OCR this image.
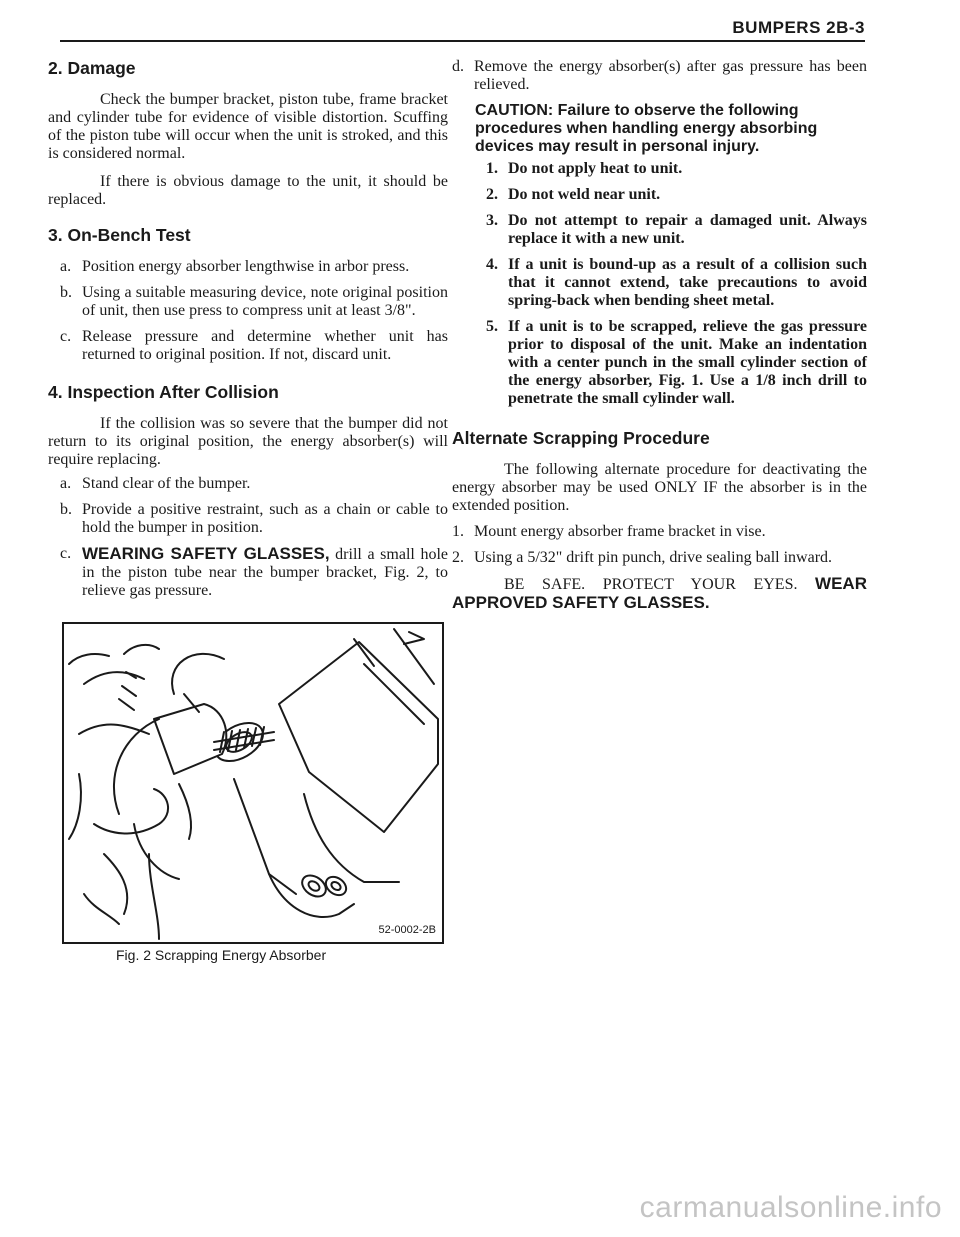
BUMPERS 2B-3
2. Damage

Check the bumper bracket, piston tube, frame bracket and cylinder tube for evidence of visible distortion. Scuffing of the piston tube will occur when the unit is stroked, and this is considered normal.

If there is obvious damage to the unit, it should be replaced.

3. On-Bench Test
a. Position energy absorber lengthwise in arbor press.
b. Using a suitable measuring device, note original position of unit, then use press to compress unit at least 3/8".
c. Release pressure and determine whether unit has returned to original position. If not, discard unit.
4. Inspection After Collision

If the collision was so severe that the bumper did not return to its original position, the energy absorber(s) will require replacing.

a. Stand clear of the bumper.
b. Provide a positive restraint, such as a chain or cable to hold the bumper in position.
c. WEARING SAFETY GLASSES, drill a small hole in the piston tube near the bumper bracket, Fig. 2, to relieve gas pressure.
d. Remove the energy absorber(s) after gas pressure has been relieved.
CAUTION: Failure to observe the following procedures when handling energy absorbing devices may result in personal injury.
1. Do not apply heat to unit.
2. Do not weld near unit.
3. Do not attempt to repair a damaged unit. Always replace it with a new unit.
4. If a unit is bound-up as a result of a collision such that it cannot extend, take precautions to avoid spring-back when bending sheet metal.
5. If a unit is to be scrapped, relieve the gas pressure prior to disposal of the unit. Make an indentation with a center punch in the small cylinder section of the energy absorber, Fig. 1. Use a 1/8 inch drill to penetrate the small cylinder wall.
Alternate Scrapping Procedure

The following alternate procedure for deactivating the energy absorber may be used ONLY IF the absorber is in the extended position.

1. Mount energy absorber frame bracket in vise.
2. Using a 5/32" drift pin punch, drive sealing ball inward.

BE SAFE. PROTECT YOUR EYES. WEAR APPROVED SAFETY GLASSES.

52-0002-2B
Fig. 2 Scrapping Energy Absorber
carmanualsonline.info
